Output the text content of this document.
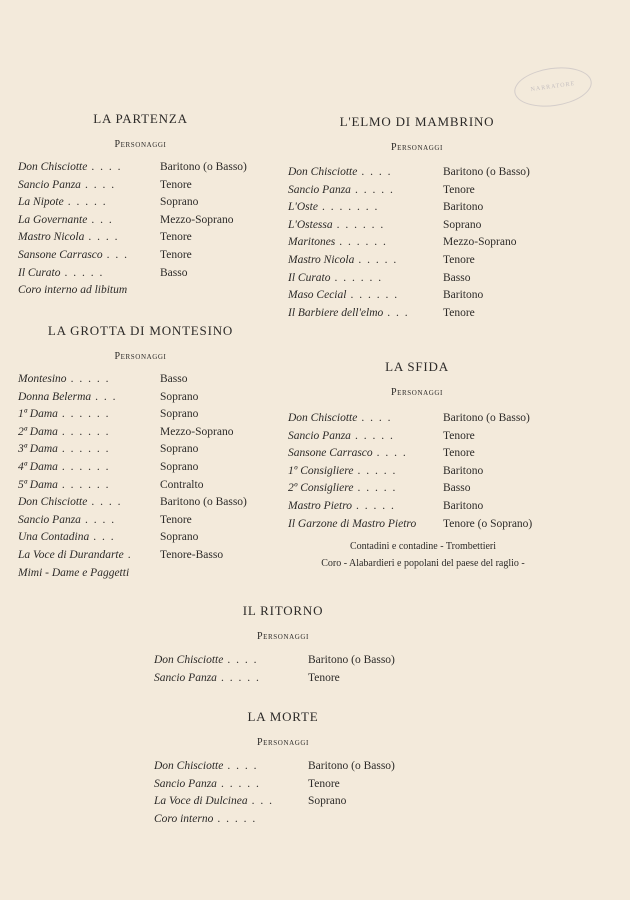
NARRATORE
LA PARTENZA
Personaggi
Don Chisciotte . . . .	Baritono (o Basso)
Sancio Panza . . . .	Tenore
La Nipote . . . . .	Soprano
La Governante . . .	Mezzo-Soprano
Mastro Nicola . . . .	Tenore
Sansone Carrasco . . .	Tenore
Il Curato . . . . .	Basso
Coro interno ad libitum
LA GROTTA DI MONTESINO
Personaggi
Montesino . . . . .	Basso
Donna Belerma . . .	Soprano
1ª Dama . . . . . .	Soprano
2ª Dama . . . . . .	Mezzo-Soprano
3ª Dama . . . . . .	Soprano
4ª Dama . . . . . .	Soprano
5ª Dama . . . . . .	Contralto
Don Chisciotte . . . .	Baritono (o Basso)
Sancio Panza . . . .	Tenore
Una Contadina . . .	Soprano
La Voce di Durandarte . Tenore-Basso
Mimi - Dame e Paggetti
L'ELMO DI MAMBRINO
Personaggi
Don Chisciotte . . . .	Baritono (o Basso)
Sancio Panza . . . . .	Tenore
L'Oste . . . . . . .	Baritono
L'Ostessa . . . . . .	Soprano
Maritones . . . . . .	Mezzo-Soprano
Mastro Nicola . . . . .	Tenore
Il Curato . . . . . .	Basso
Maso Cecial . . . . . .	Baritono
Il Barbiere dell'elmo . . .	Tenore
LA SFIDA
Personaggi
Don Chisciotte . . . .	Baritono (o Basso)
Sancio Panza . . . . .	Tenore
Sansone Carrasco . . . .	Tenore
1º Consigliere . . . . .	Baritono
2º Consigliere . . . . .	Basso
Mastro Pietro . . . . .	Baritono
Il Garzone di Mastro Pietro Tenore (o Soprano)
Contadini e contadine - Trombettieri
Coro - Alabardieri e popolani del paese del raglio -
IL RITORNO
Personaggi
Don Chisciotte . . . .	Baritono (o Basso)
Sancio Panza . . . . .	Tenore
LA MORTE
Personaggi
Don Chisciotte . . . .	Baritono (o Basso)
Sancio Panza . . . . .	Tenore
La Voce di Dulcinea . . .	Soprano
Coro interno . . . . .
